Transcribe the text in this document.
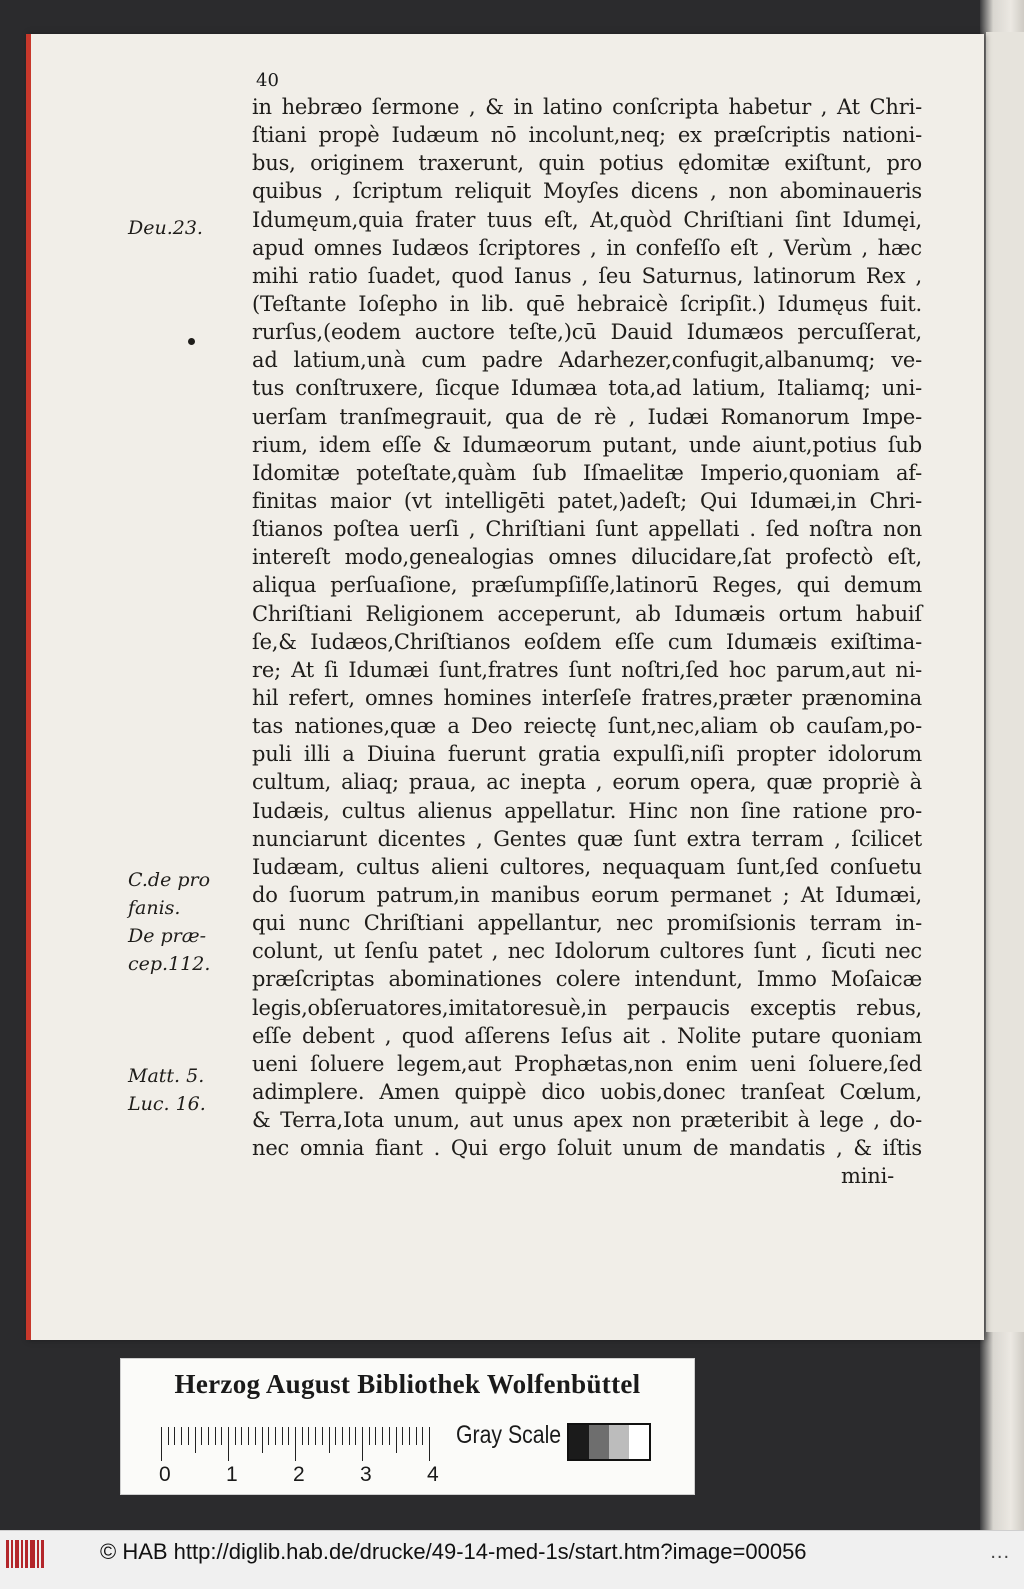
40
Deu.23.
C.de pro
fanis.
De præ-
cep.112.
Matt. 5.
Luc. 16.
in hebræo ſermone , & in latino conſcripta habetur , At Chri-
ſtiani propè Iudæum nō incolunt,neq; ex præſcriptis nationi-
bus, originem traxerunt, quin potius ędomitæ exiſtunt, pro
quibus , ſcriptum reliquit Moyſes dicens , non abominaueris
Idumęum,quia frater tuus eſt, At,quòd Chriſtiani ſint Idumęi,
apud omnes Iudæos ſcriptores , in confeſſo eſt , Verùm , hæc
mihi ratio ſuadet, quod Ianus , ſeu Saturnus, latinorum Rex ,
(Teſtante Ioſepho in lib. quē hebraicè ſcripſit.) Idumęus fuit.
rurſus,(eodem auctore teſte,)cū Dauid Idumæos percuſſerat,
ad latium,unà cum padre Adarhezer,confugit,albanumq; ve-
tus conſtruxere, ſicque Idumæa tota,ad latium, Italiamq; uni-
uerſam tranſmegrauit, qua de rè , Iudæi Romanorum Impe-
rium, idem eſſe & Idumæorum putant, unde aiunt,potius ſub
Idomitæ poteſtate,quàm ſub Iſmaelitæ Imperio,quoniam af-
finitas maior (vt intelligēti patet,)adeſt; Qui Idumæi,in Chri-
ſtianos poſtea uerſi , Chriſtiani ſunt appellati . ſed noſtra non
intereſt modo,genealogias omnes dilucidare,ſat profectò eſt,
aliqua perſuaſione, præſumpſiſſe,latinorū Reges, qui demum
Chriſtiani Religionem acceperunt, ab Idumæis ortum habuiſ
ſe,& Iudæos,Chriſtianos eoſdem eſſe cum Idumæis exiſtima-
re; At ſi Idumæi ſunt,fratres ſunt noſtri,ſed hoc parum,aut ni-
hil refert, omnes homines interſeſe fratres,præter prænomina
tas nationes,quæ a Deo reiectę ſunt,nec,aliam ob cauſam,po-
puli illi a Diuina fuerunt gratia expulſi,niſi propter idolorum
cultum, aliaq; praua, ac inepta , eorum opera, quæ propriè à
Iudæis, cultus alienus appellatur. Hinc non ſine ratione pro-
nunciarunt dicentes , Gentes quæ ſunt extra terram , ſcilicet
Iudæam, cultus alieni cultores, nequaquam ſunt,ſed conſuetu
do ſuorum patrum,in manibus eorum permanet ; At Idumæi,
qui nunc Chriſtiani appellantur, nec promiſsionis terram in-
colunt, ut ſenſu patet , nec Idolorum cultores ſunt , ſicuti nec
præſcriptas abominationes colere intendunt, Immo Moſaicæ
legis,obſeruatores,imitatoresuè,in perpaucis exceptis rebus,
eſſe debent , quod aſſerens Ieſus ait . Nolite putare quoniam
ueni ſoluere legem,aut Prophætas,non enim ueni ſoluere,ſed
adimplere. Amen quippè dico uobis,donec tranſeat Cœlum,
& Terra,Iota unum, aut unus apex non præteribit à lege , do-
nec omnia fiant . Qui ergo ſoluit unum de mandatis , & iſtis
mini-
Herzog August Bibliothek Wolfenbüttel
0	1	2	3	4
Gray Scale
© HAB http://diglib.hab.de/drucke/49-14-med-1s/start.htm?image=00056	...
